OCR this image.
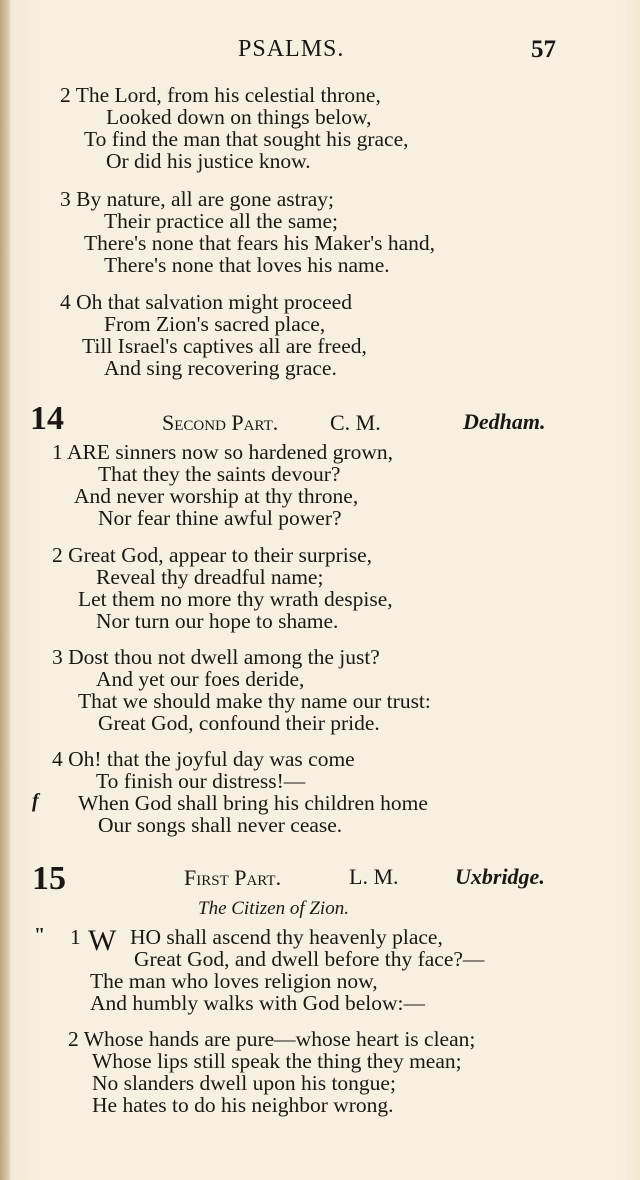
PSALMS.	57
2 The Lord, from his celestial throne,
Looked down on things below,
To find the man that sought his grace,
Or did his justice know.
3 By nature, all are gone astray;
Their practice all the same;
There's none that fears his Maker's hand,
There's none that loves his name.
4 Oh that salvation might proceed
From Zion's sacred place,
Till Israel's captives all are freed,
And sing recovering grace.
14	Second Part. C. M.	Dedham.
1 ARE sinners now so hardened grown,
That they the saints devour?
And never worship at thy throne,
Nor fear thine awful power?
2 Great God, appear to their surprise,
Reveal thy dreadful name;
Let them no more thy wrath despise,
Nor turn our hope to shame.
3 Dost thou not dwell among the just?
And yet our foes deride,
That we should make thy name our trust:
Great God, confound their pride.
4 Oh! that the joyful day was come
To finish our distress!—
f When God shall bring his children home
Our songs shall never cease.
15	First Part.	L. M.	Uxbridge.
The Citizen of Zion.
" 1 W HO shall ascend thy heavenly place,
Great God, and dwell before thy face?—
The man who loves religion now,
And humbly walks with God below:—
2 Whose hands are pure—whose heart is clean;
Whose lips still speak the thing they mean;
No slanders dwell upon his tongue;
He hates to do his neighbor wrong.
